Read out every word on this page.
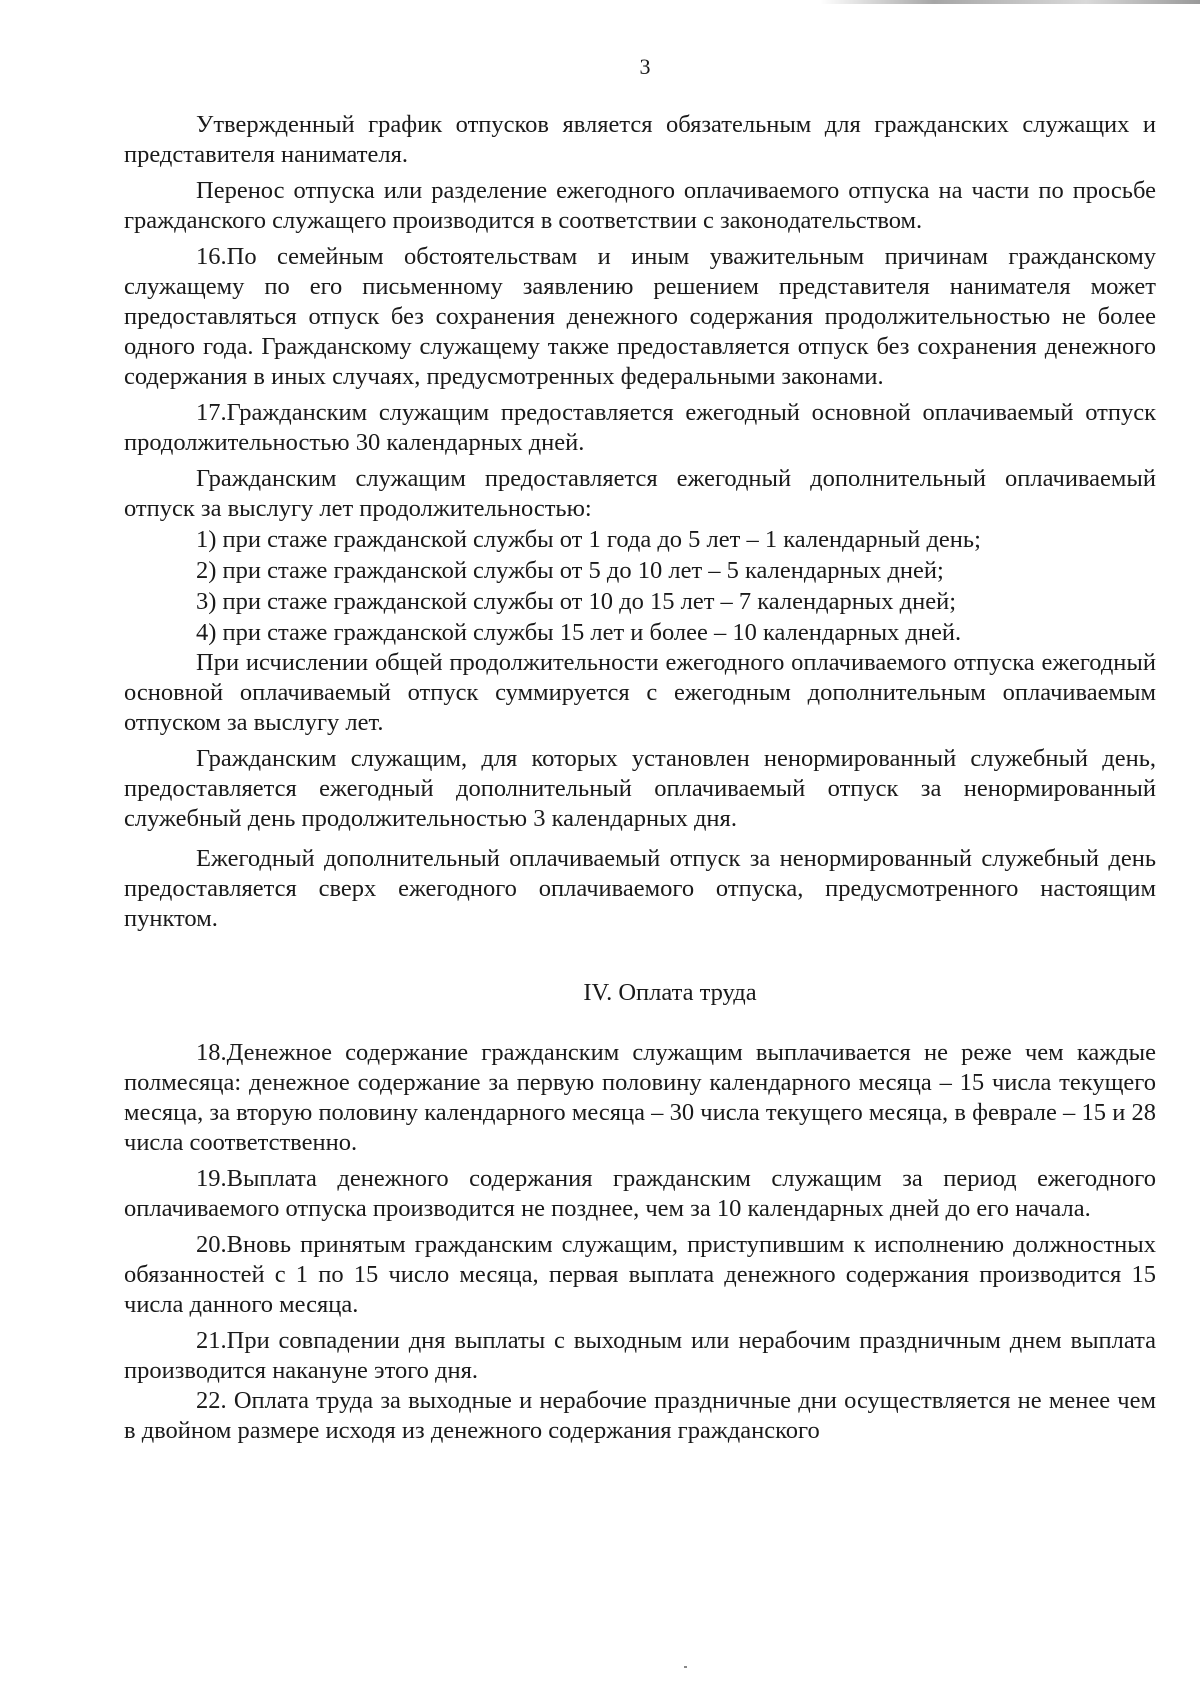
3

Утвержденный график отпусков является обязательным для гражданских служащих и представителя нанимателя.

Перенос отпуска или разделение ежегодного оплачиваемого отпуска на части по просьбе гражданского служащего производится в соответствии с законодательством.

16.По семейным обстоятельствам и иным уважительным причинам гражданскому служащему по его письменному заявлению решением представителя нанимателя может предоставляться отпуск без сохранения денежного содержания продолжительностью не более одного года. Гражданскому служащему также предоставляется отпуск без сохранения денежного содержания в иных случаях, предусмотренных федеральными законами.

17.Гражданским служащим предоставляется ежегодный основной оплачиваемый отпуск продолжительностью 30 календарных дней.

Гражданским служащим предоставляется ежегодный дополнительный оплачиваемый отпуск за выслугу лет продолжительностью:

1) при стаже гражданской службы от 1 года до 5 лет – 1 календарный день;

2) при стаже гражданской службы от 5 до 10 лет – 5 календарных дней;

3) при стаже гражданской службы от 10 до 15 лет – 7 календарных дней;

4) при стаже гражданской службы 15 лет и более – 10 календарных дней.

При исчислении общей продолжительности ежегодного оплачиваемого отпуска ежегодный основной оплачиваемый отпуск суммируется с ежегодным дополнительным оплачиваемым отпуском за выслугу лет.

Гражданским служащим, для которых установлен ненормированный служебный день, предоставляется ежегодный дополнительный оплачиваемый отпуск за ненормированный служебный день продолжительностью 3 календарных дня.

Ежегодный дополнительный оплачиваемый отпуск за ненормированный служебный день предоставляется сверх ежегодного оплачиваемого отпуска, предусмотренного настоящим пунктом.

IV. Оплата труда

18.Денежное содержание гражданским служащим выплачивается не реже чем каждые полмесяца: денежное содержание за первую половину календарного месяца – 15 числа текущего месяца, за вторую половину календарного месяца – 30 числа текущего месяца, в феврале – 15 и 28 числа соответственно.

19.Выплата денежного содержания гражданским служащим за период ежегодного оплачиваемого отпуска производится не позднее, чем за 10 календарных дней до его начала.

20.Вновь принятым гражданским служащим, приступившим к исполнению должностных обязанностей с 1 по 15 число месяца, первая выплата денежного содержания производится 15 числа данного месяца.

21.При совпадении дня выплаты с выходным или нерабочим праздничным днем выплата производится накануне этого дня.

22. Оплата труда за выходные и нерабочие праздничные дни осуществляется не менее чем в двойном размере исходя из денежного содержания гражданского
